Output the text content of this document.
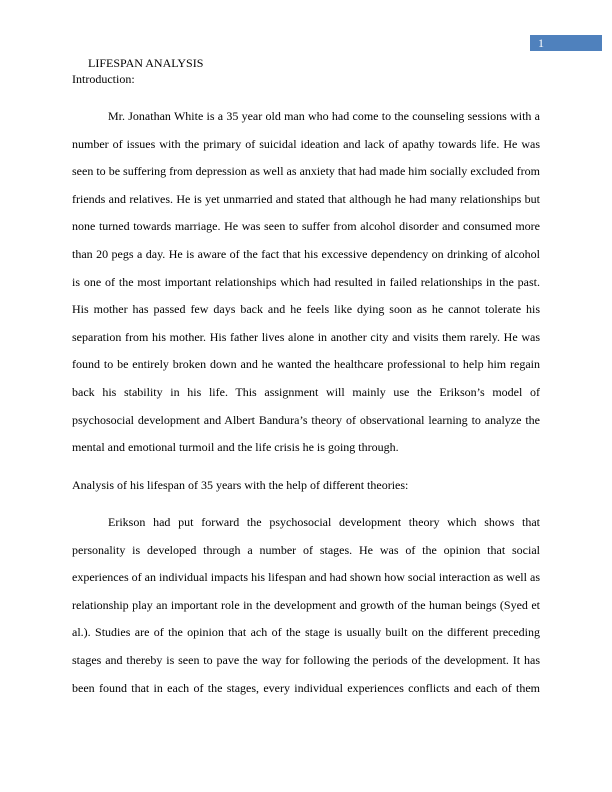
1
LIFESPAN ANALYSIS
Introduction:
Mr. Jonathan White is a 35 year old man who had come to the counseling sessions with a
number of issues with the primary of suicidal ideation and lack of apathy towards life. He was
seen to be suffering from depression as well as anxiety that had made him socially excluded from
friends and relatives. He is yet unmarried and stated that although he had many relationships but
none turned towards marriage. He was seen to suffer from alcohol disorder and consumed more
than 20 pegs a day. He is aware of the fact that his excessive dependency on drinking of alcohol
is one of the most important relationships which had resulted in failed relationships in the past.
His mother has passed few days back and he feels like dying soon as he cannot tolerate his
separation from his mother. His father lives alone in another city and visits them rarely. He was
found to be entirely broken down and he wanted the healthcare professional to help him regain
back his stability in his life. This assignment will mainly use the Erikson’s model of
psychosocial development and Albert Bandura’s theory of observational learning to analyze the
mental and emotional turmoil and the life crisis he is going through.
Analysis of his lifespan of 35 years with the help of different theories:
Erikson had put forward the psychosocial development theory which shows that
personality is developed through a number of stages. He was of the opinion that social
experiences of an individual impacts his lifespan and had shown how social interaction as well as
relationship play an important role in the development and growth of the human beings (Syed et
al.). Studies are of the opinion that ach of the stage is usually built on the different preceding
stages and thereby is seen to pave the way for following the periods of the development. It has
been found that in each of the stages, every individual experiences conflicts and each of them
